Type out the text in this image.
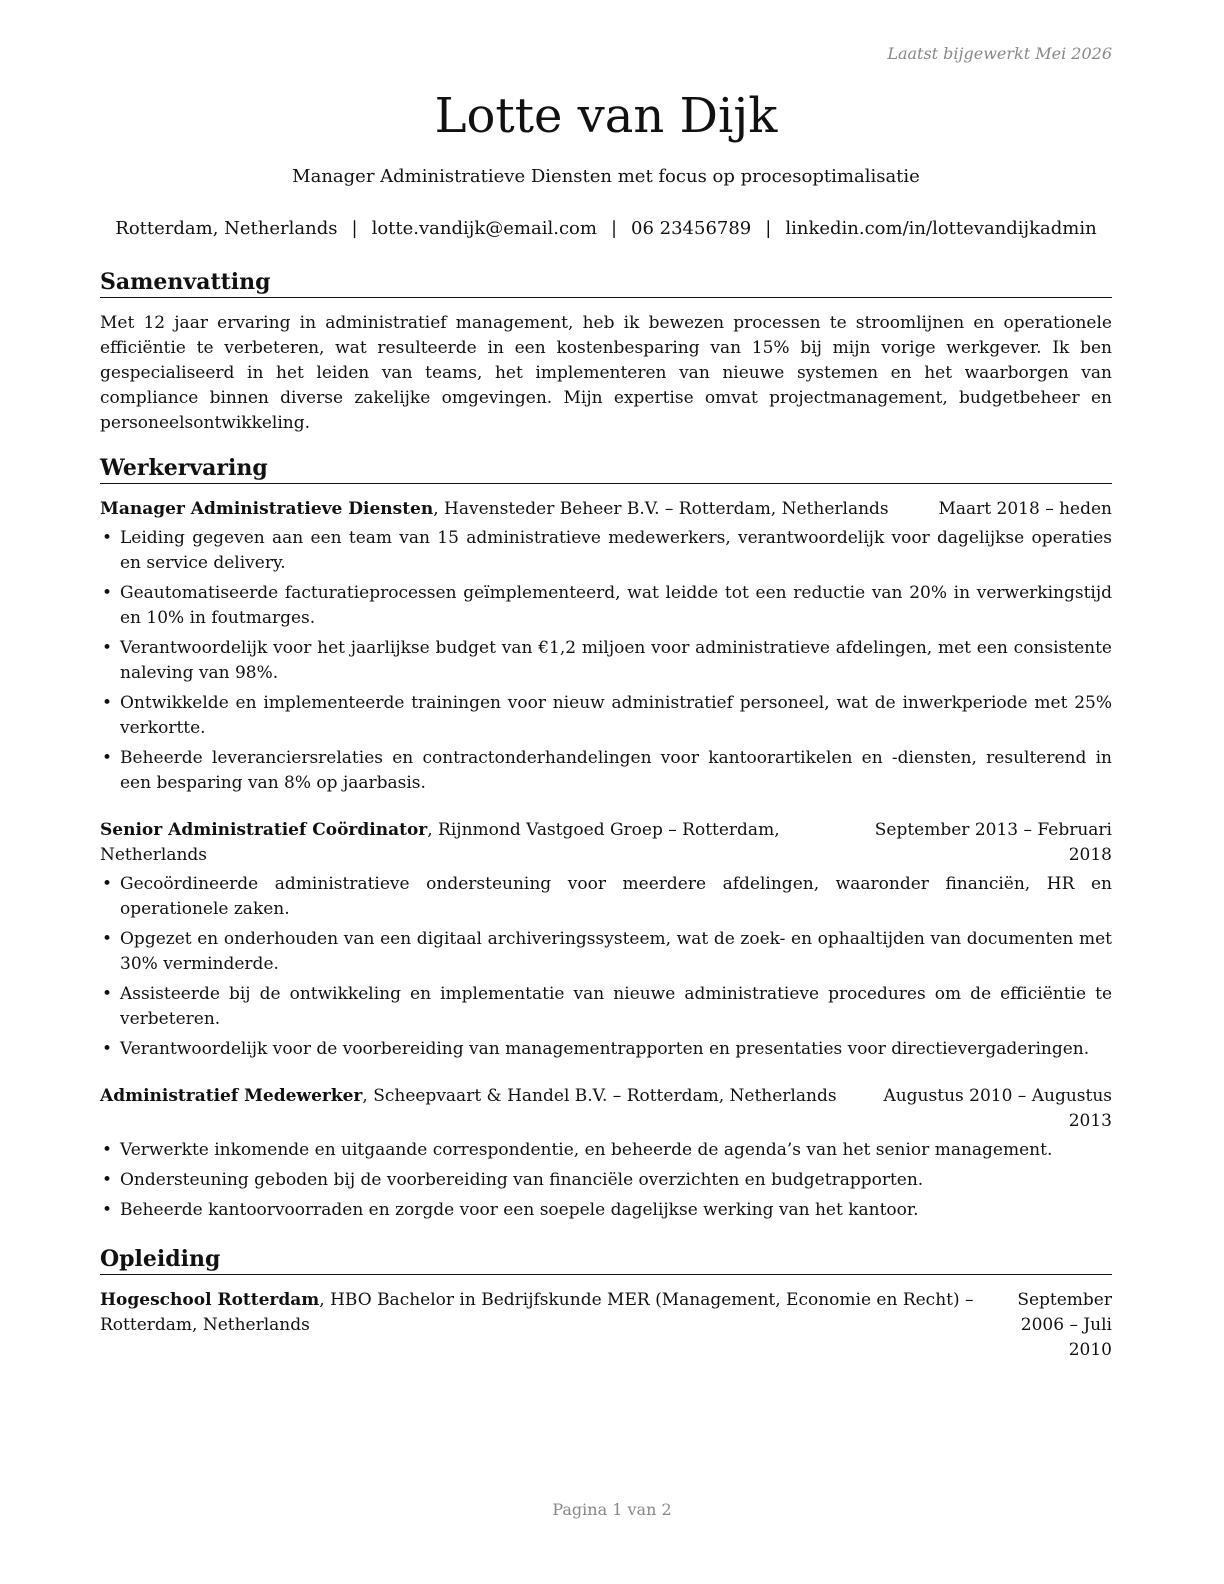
Laatst bijgewerkt Mei 2026
Lotte van Dijk
Manager Administratieve Diensten met focus op procesoptimalisatie
Rotterdam, Netherlands | lotte.vandijk@email.com | 06 23456789 | linkedin.com/in/lottevandijkadmin
Samenvatting

Met 12 jaar ervaring in administratief management, heb ik bewezen processen te stroomlijnen en operationele efficiëntie te verbeteren, wat resulteerde in een kostenbesparing van 15% bij mijn vorige werkgever. Ik ben gespecialiseerd in het leiden van teams, het implementeren van nieuwe systemen en het waarborgen van compliance binnen diverse zakelijke omgevingen. Mijn expertise omvat projectmanagement, budgetbeheer en personeelsontwikkeling.

Werkervaring
Manager Administratieve Diensten, Havensteder Beheer B.V. – Rotterdam, Netherlands	Maart 2018 – heden
• Leiding gegeven aan een team van 15 administratieve medewerkers, verantwoordelijk voor dagelijkse operaties en service delivery.
• Geautomatiseerde facturatieprocessen geïmplementeerd, wat leidde tot een reductie van 20% in verwerkingstijd en 10% in foutmarges.
• Verantwoordelijk voor het jaarlijkse budget van €1,2 miljoen voor administratieve afdelingen, met een consistente naleving van 98%.
• Ontwikkelde en implementeerde trainingen voor nieuw administratief personeel, wat de inwerkperiode met 25% verkortte.
• Beheerde leveranciersrelaties en contractonderhandelingen voor kantoorartikelen en -diensten, resulterend in een besparing van 8% op jaarbasis.
Senior Administratief Coördinator, Rijnmond Vastgoed Groep – Rotterdam, Netherlands
September 2013 – Februari 2018
• Gecoördineerde administratieve ondersteuning voor meerdere afdelingen, waaronder financiën, HR en operationele zaken.
• Opgezet en onderhouden van een digitaal archiveringssysteem, wat de zoek- en ophaaltijden van documenten met 30% verminderde.
• Assisteerde bij de ontwikkeling en implementatie van nieuwe administratieve procedures om de efficiëntie te verbeteren.
• Verantwoordelijk voor de voorbereiding van managementrapporten en presentaties voor directievergaderingen.
Administratief Medewerker, Scheepvaart & Handel B.V. – Rotterdam, Netherlands	Augustus 2010 – Augustus 2013
• Verwerkte inkomende en uitgaande correspondentie, en beheerde de agenda’s van het senior management.
• Ondersteuning geboden bij de voorbereiding van financiële overzichten en budgetrapporten.
• Beheerde kantoorvoorraden en zorgde voor een soepele dagelijkse werking van het kantoor.
Opleiding
Hogeschool Rotterdam, HBO Bachelor in Bedrijfskunde MER (Management, Economie en Recht) – Rotterdam, Netherlands
September 2006 – Juli 2010
Pagina 1 van 2
